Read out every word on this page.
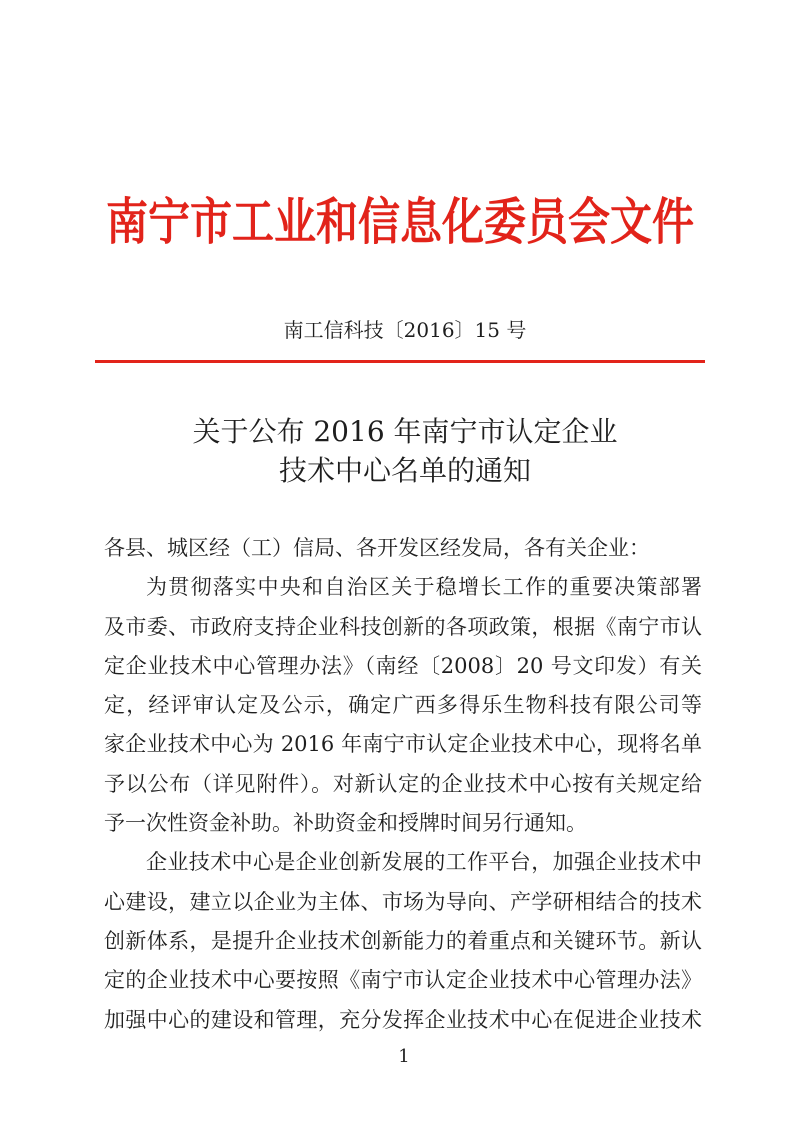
南宁市工业和信息化委员会文件
南工信科技〔2016〕15 号
关于公布 2016 年南宁市认定企业
技术中心名单的通知
各县、城区经（工）信局、各开发区经发局，各有关企业：
为贯彻落实中央和自治区关于稳增长工作的重要决策部署
及市委、市政府支持企业科技创新的各项政策，根据《南宁市认
定企业技术中心管理办法》（南经〔2008〕20 号文印发）有关
定，经评审认定及公示，确定广西多得乐生物科技有限公司等
家企业技术中心为 2016 年南宁市认定企业技术中心，现将名单
予以公布（详见附件）。对新认定的企业技术中心按有关规定给
予一次性资金补助。补助资金和授牌时间另行通知。
企业技术中心是企业创新发展的工作平台，加强企业技术中
心建设，建立以企业为主体、市场为导向、产学研相结合的技术
创新体系，是提升企业技术创新能力的着重点和关键环节。新认
定的企业技术中心要按照《南宁市认定企业技术中心管理办法》
加强中心的建设和管理，充分发挥企业技术中心在促进企业技术
1
